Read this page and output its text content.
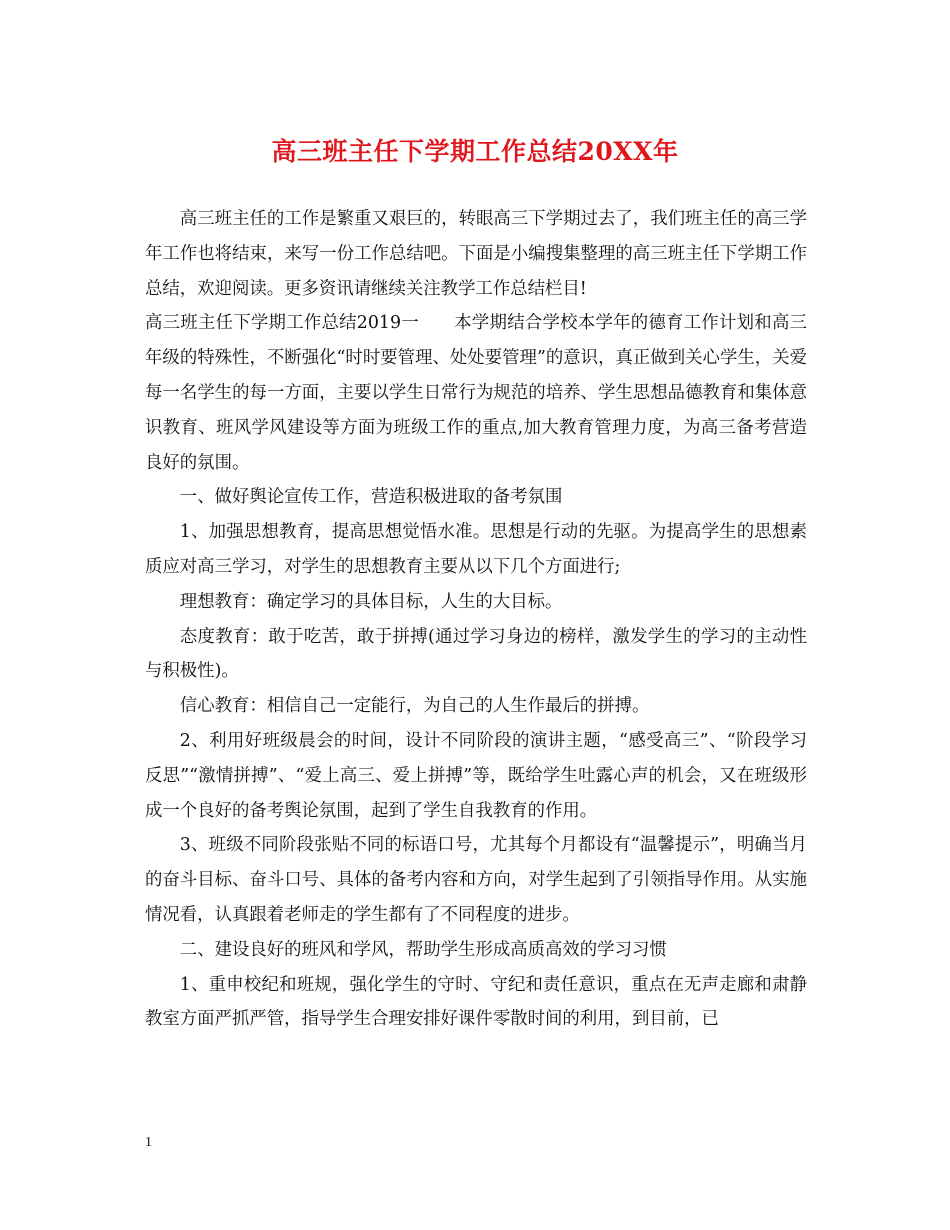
高三班主任下学期工作总结20XX年

高三班主任的工作是繁重又艰巨的，转眼高三下学期过去了，我们班主任的高三学年工作也将结束，来写一份工作总结吧。下面是小编搜集整理的高三班主任下学期工作总结，欢迎阅读。更多资讯请继续关注教学工作总结栏目!

高三班主任下学期工作总结2019一　　本学期结合学校本学年的德育工作计划和高三年级的特殊性，不断强化“时时要管理、处处要管理”的意识，真正做到关心学生，关爱每一名学生的每一方面，主要以学生日常行为规范的培养、学生思想品德教育和集体意识教育、班风学风建设等方面为班级工作的重点,加大教育管理力度，为高三备考营造良好的氛围。

一、做好舆论宣传工作，营造积极进取的备考氛围

1、加强思想教育，提高思想觉悟水准。思想是行动的先驱。为提高学生的思想素质应对高三学习，对学生的思想教育主要从以下几个方面进行;

理想教育：确定学习的具体目标，人生的大目标。

态度教育：敢于吃苦，敢于拼搏(通过学习身边的榜样，激发学生的学习的主动性与积极性)。

信心教育：相信自己一定能行，为自己的人生作最后的拼搏。

2、利用好班级晨会的时间，设计不同阶段的演讲主题，“感受高三”、“阶段学习反思”“激情拼搏”、“爱上高三、爱上拼搏”等，既给学生吐露心声的机会，又在班级形成一个良好的备考舆论氛围，起到了学生自我教育的作用。

3、班级不同阶段张贴不同的标语口号，尤其每个月都设有“温馨提示”，明确当月的奋斗目标、奋斗口号、具体的备考内容和方向，对学生起到了引领指导作用。从实施情况看，认真跟着老师走的学生都有了不同程度的进步。

二、建设良好的班风和学风，帮助学生形成高质高效的学习习惯

1、重申校纪和班规，强化学生的守时、守纪和责任意识，重点在无声走廊和肃静教室方面严抓严管，指导学生合理安排好课件零散时间的利用，到目前，已

1
